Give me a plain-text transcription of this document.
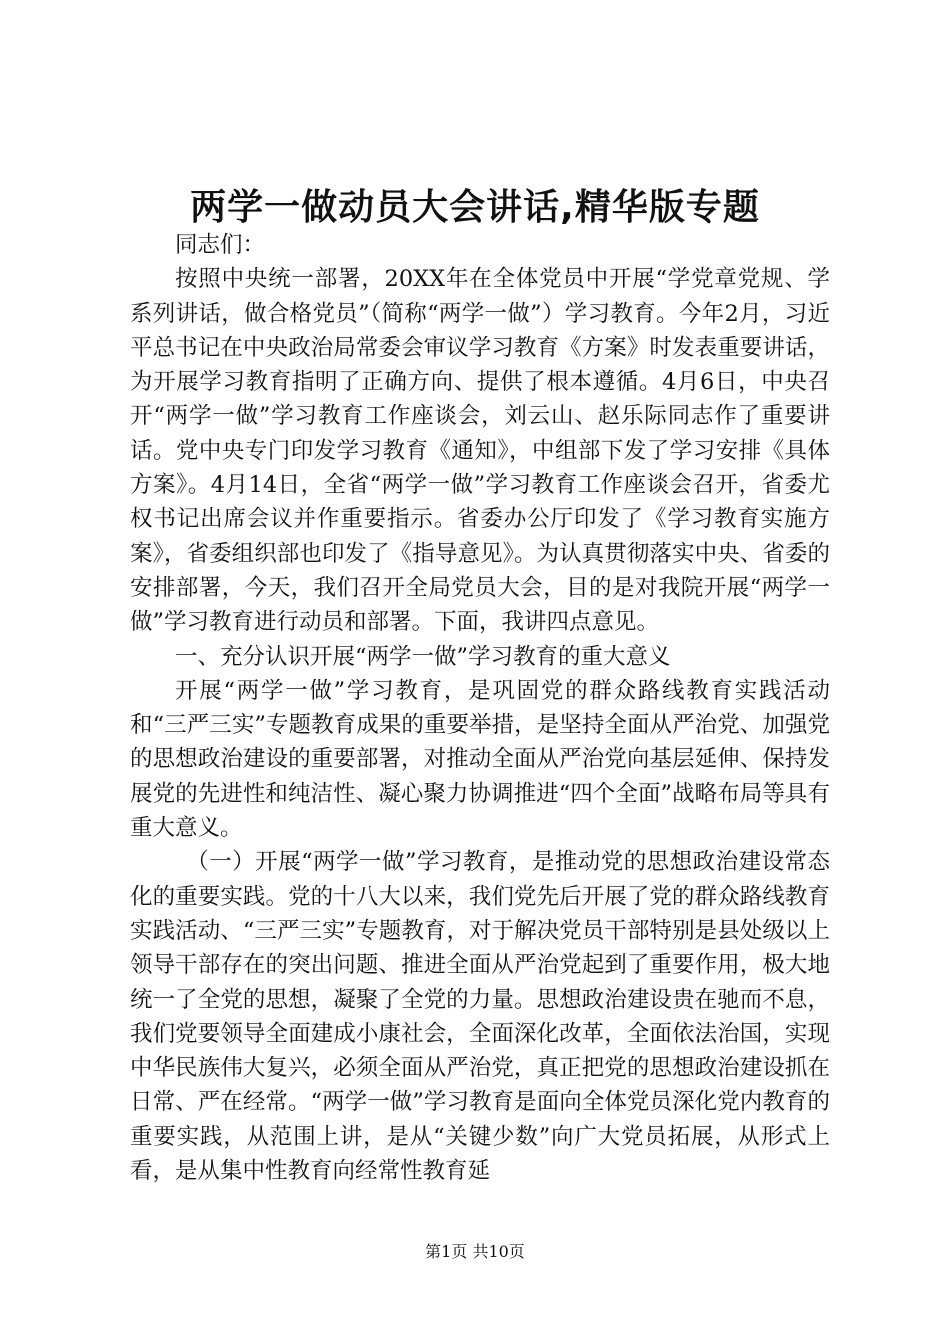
两学一做动员大会讲话,精华版专题

同志们：

按照中央统一部署，20XX年在全体党员中开展“学党章党规、学系列讲话，做合格党员”（简称“两学一做”）学习教育。今年2月，习近平总书记在中央政治局常委会审议学习教育《方案》时发表重要讲话，为开展学习教育指明了正确方向、提供了根本遵循。4月6日，中央召开“两学一做”学习教育工作座谈会，刘云山、赵乐际同志作了重要讲话。党中央专门印发学习教育《通知》，中组部下发了学习安排《具体方案》。4月14日，全省“两学一做”学习教育工作座谈会召开，省委尤权书记出席会议并作重要指示。省委办公厅印发了《学习教育实施方案》，省委组织部也印发了《指导意见》。为认真贯彻落实中央、省委的安排部署，今天，我们召开全局党员大会，目的是对我院开展“两学一做”学习教育进行动员和部署。下面，我讲四点意见。

一、充分认识开展“两学一做”学习教育的重大意义

开展“两学一做”学习教育，是巩固党的群众路线教育实践活动和“三严三实”专题教育成果的重要举措，是坚持全面从严治党、加强党的思想政治建设的重要部署，对推动全面从严治党向基层延伸、保持发展党的先进性和纯洁性、凝心聚力协调推进“四个全面”战略布局等具有重大意义。

（一）开展“两学一做”学习教育，是推动党的思想政治建设常态化的重要实践。党的十八大以来，我们党先后开展了党的群众路线教育实践活动、“三严三实”专题教育，对于解决党员干部特别是县处级以上领导干部存在的突出问题、推进全面从严治党起到了重要作用，极大地统一了全党的思想，凝聚了全党的力量。思想政治建设贵在驰而不息，我们党要领导全面建成小康社会，全面深化改革，全面依法治国，实现中华民族伟大复兴，必须全面从严治党，真正把党的思想政治建设抓在日常、严在经常。“两学一做”学习教育是面向全体党员深化党内教育的重要实践，从范围上讲，是从“关键少数”向广大党员拓展，从形式上看，是从集中性教育向经常性教育延

第1页 共10页
